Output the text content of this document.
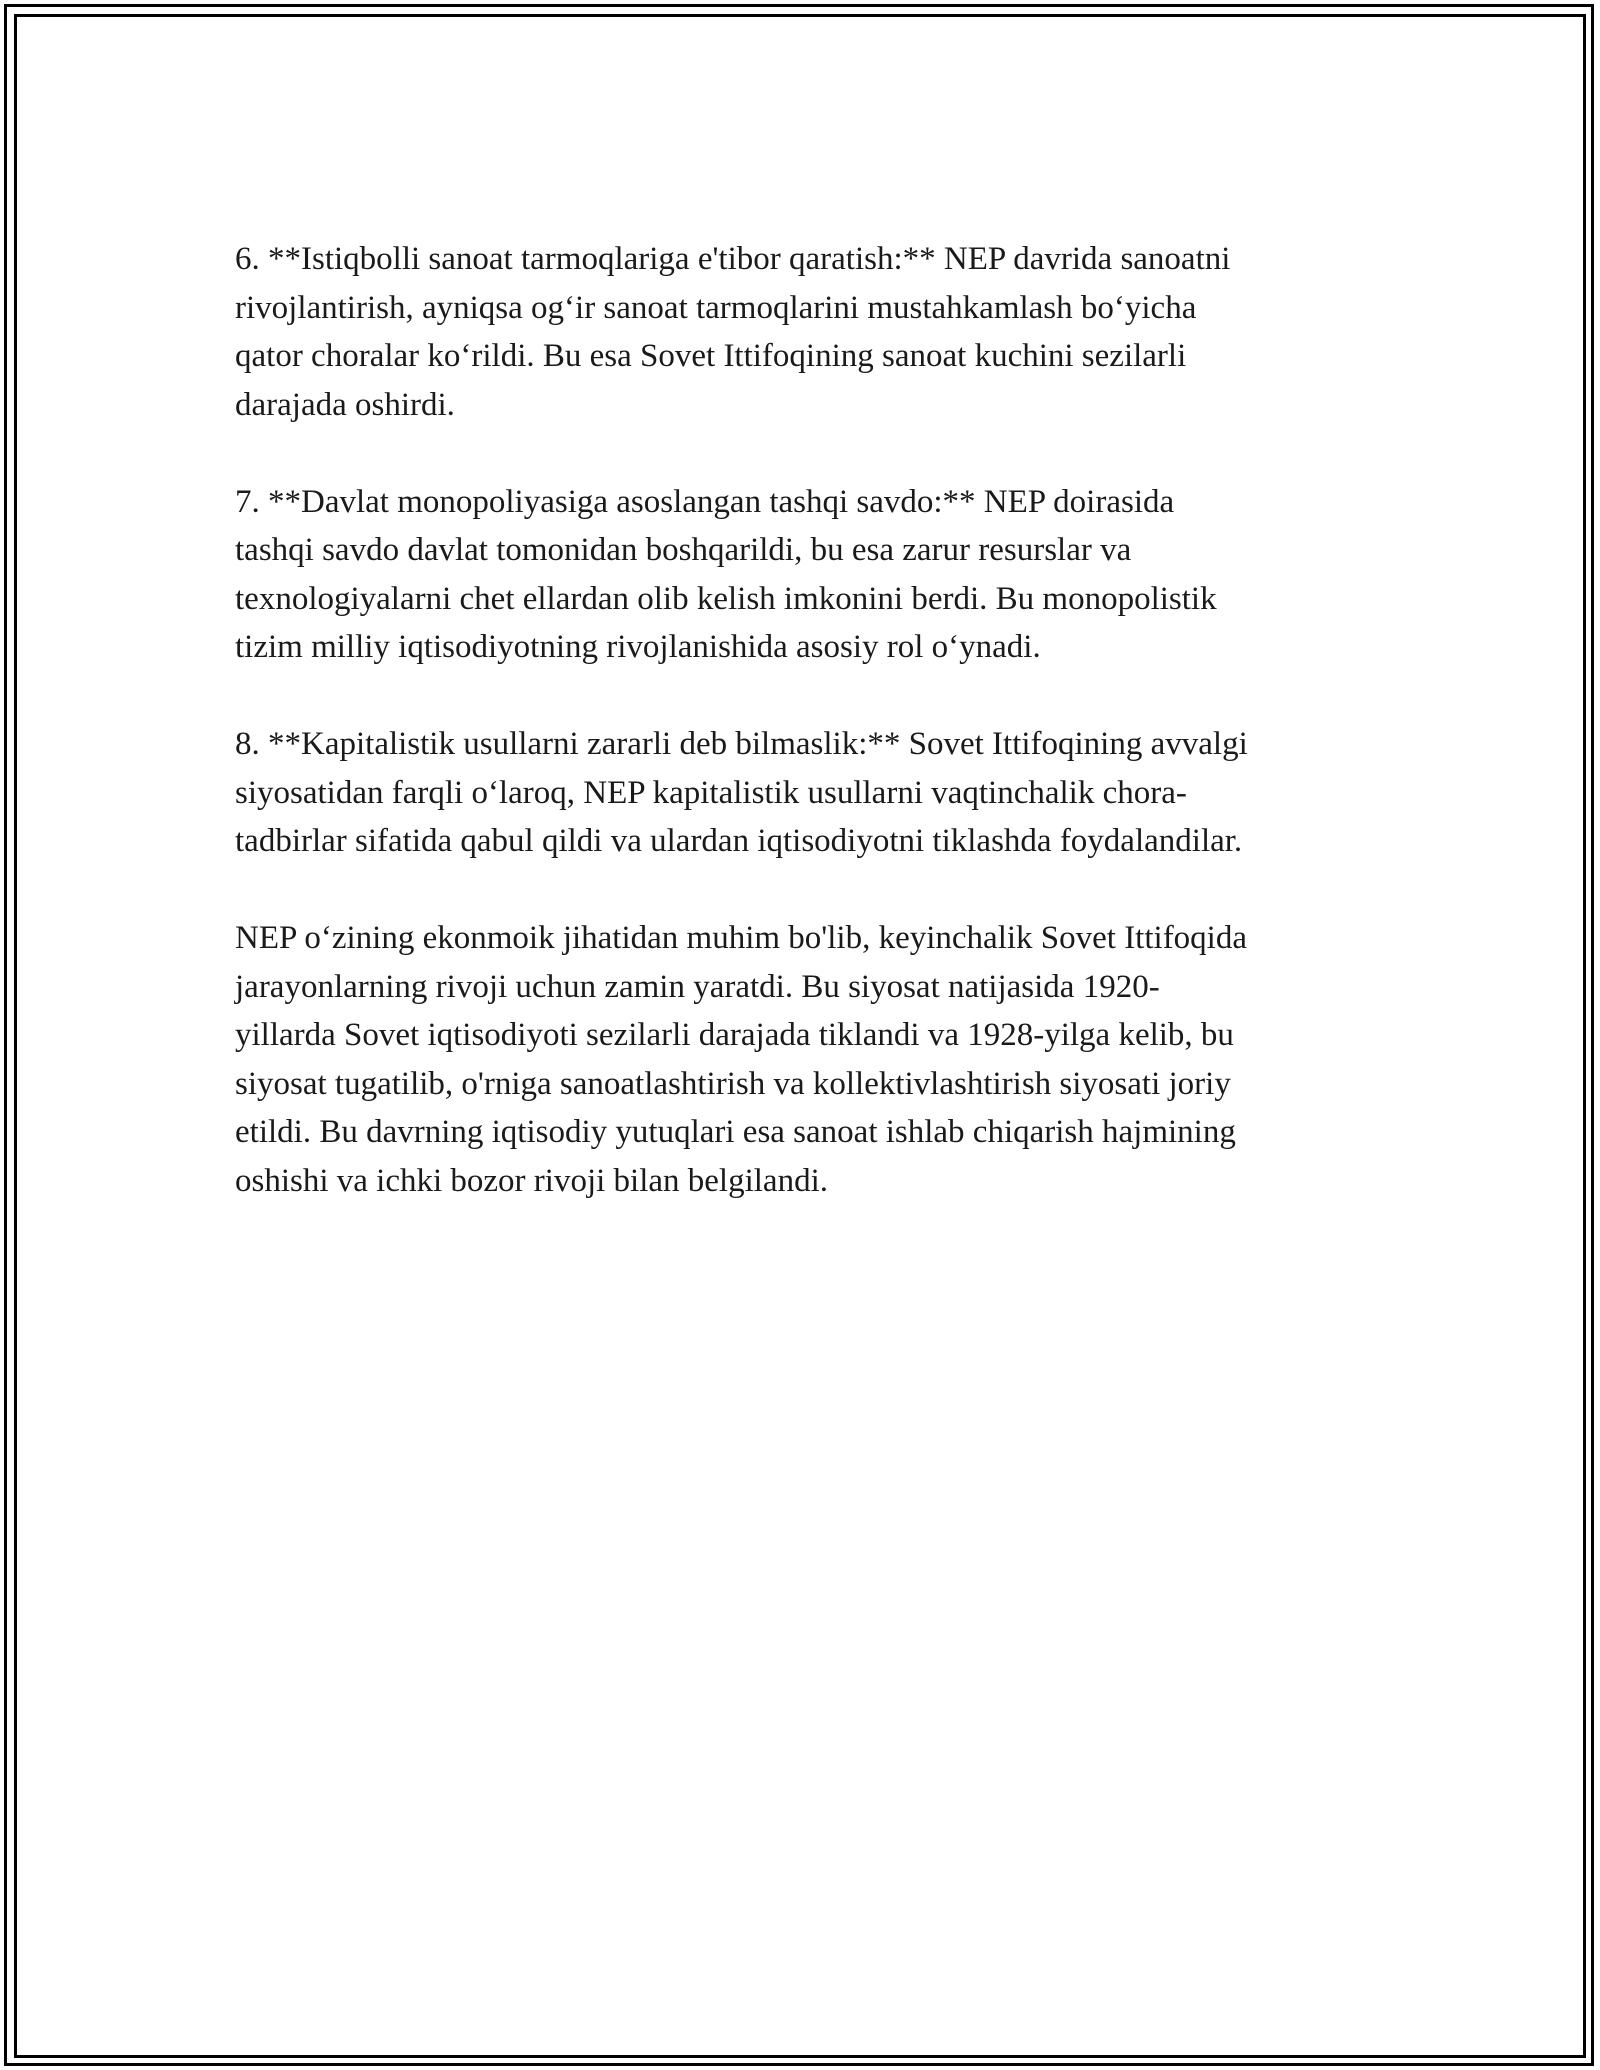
6. **Istiqbolli sanoat tarmoqlariga e'tibor qaratish:** NEP davrida sanoatni
rivojlantirish, ayniqsa og‘ir sanoat tarmoqlarini mustahkamlash bo‘yicha
qator choralar ko‘rildi. Bu esa Sovet Ittifoqining sanoat kuchini sezilarli
darajada oshirdi.

7. **Davlat monopoliyasiga asoslangan tashqi savdo:** NEP doirasida
tashqi savdo davlat tomonidan boshqarildi, bu esa zarur resurslar va
texnologiyalarni chet ellardan olib kelish imkonini berdi. Bu monopolistik
tizim milliy iqtisodiyotning rivojlanishida asosiy rol o‘ynadi.

8. **Kapitalistik usullarni zararli deb bilmaslik:** Sovet Ittifoqining avvalgi
siyosatidan farqli o‘laroq, NEP kapitalistik usullarni vaqtinchalik chora-
tadbirlar sifatida qabul qildi va ulardan iqtisodiyotni tiklashda foydalandilar.

NEP o‘zining ekonmoik jihatidan muhim bo'lib, keyinchalik Sovet Ittifoqida
jarayonlarning rivoji uchun zamin yaratdi. Bu siyosat natijasida 1920-
yillarda Sovet iqtisodiyoti sezilarli darajada tiklandi va 1928-yilga kelib, bu
siyosat tugatilib, o'rniga sanoatlashtirish va kollektivlashtirish siyosati joriy
etildi. Bu davrning iqtisodiy yutuqlari esa sanoat ishlab chiqarish hajmining
oshishi va ichki bozor rivoji bilan belgilandi.
